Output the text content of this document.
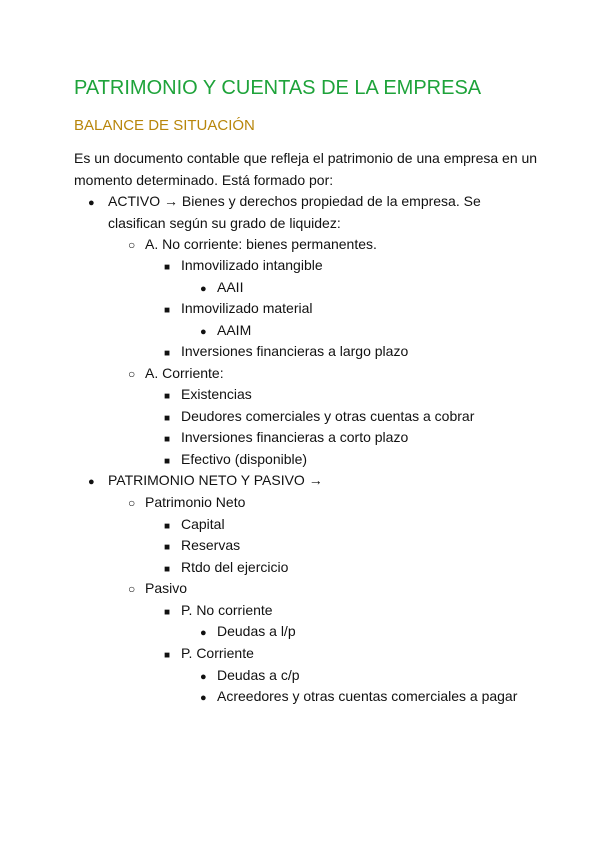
PATRIMONIO Y CUENTAS DE LA EMPRESA
BALANCE DE SITUACIÓN

Es un documento contable que refleja el patrimonio de una empresa en un momento determinado. Está formado por:

● ACTIVO → Bienes y derechos propiedad de la empresa. Se
clasifican según su grado de liquidez:
○ A. No corriente: bienes permanentes.
■ Inmovilizado intangible
● AAII
■ Inmovilizado material
● AAIM
■ Inversiones financieras a largo plazo
○ A. Corriente:
■ Existencias
■ Deudores comerciales y otras cuentas a cobrar
■ Inversiones financieras a corto plazo
■ Efectivo (disponible)
● PATRIMONIO NETO Y PASIVO →
○ Patrimonio Neto
■ Capital
■ Reservas
■ Rtdo del ejercicio
○ Pasivo
■ P. No corriente
● Deudas a l/p
■ P. Corriente
● Deudas a c/p
● Acreedores y otras cuentas comerciales a pagar
